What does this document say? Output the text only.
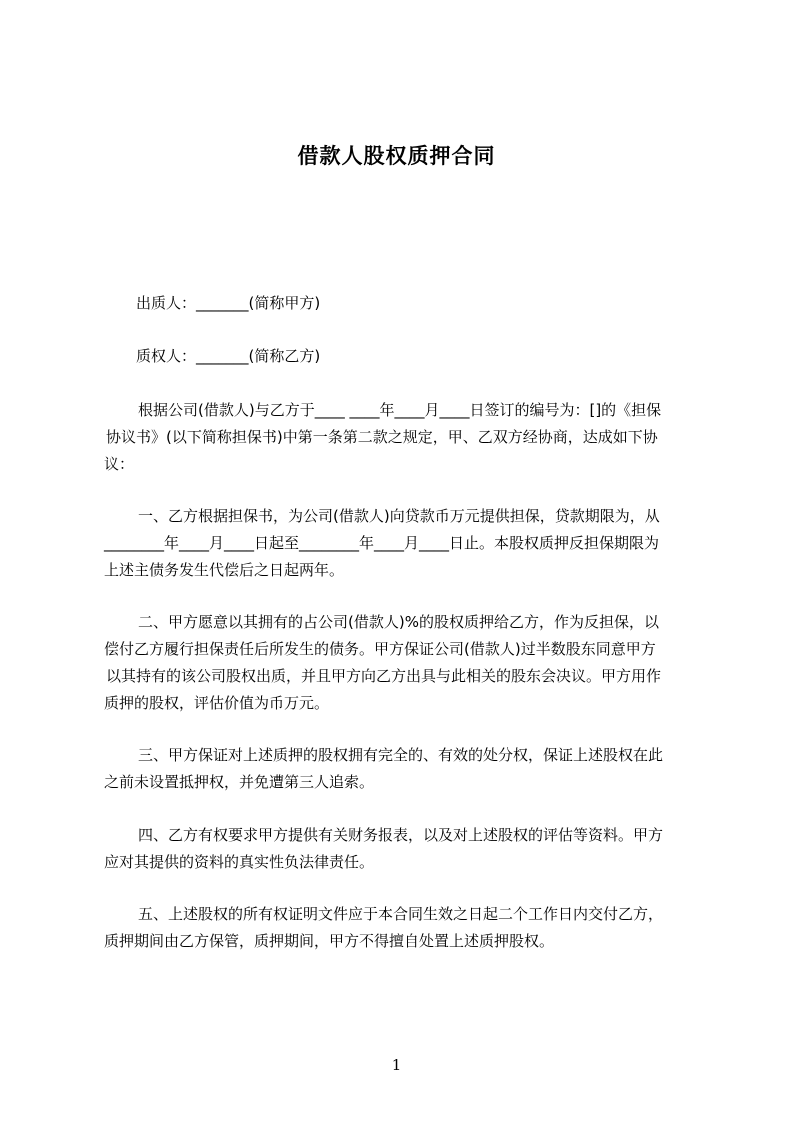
借款人股权质押合同
出质人：_______(简称甲方)
质权人：_______(简称乙方)
根据公司(借款人)与乙方于____ ____年____月____日签订的编号为：[]的《担保
协议书》(以下简称担保书)中第一条第二款之规定，甲、乙双方经协商，达成如下协
议：
一、乙方根据担保书，为公司(借款人)向贷款币万元提供担保，贷款期限为，从
________年____月____日起至________年____月____日止。本股权质押反担保期限为
上述主债务发生代偿后之日起两年。
二、甲方愿意以其拥有的占公司(借款人)%的股权质押给乙方，作为反担保，以
偿付乙方履行担保责任后所发生的债务。甲方保证公司(借款人)过半数股东同意甲方
以其持有的该公司股权出质，并且甲方向乙方出具与此相关的股东会决议。甲方用作
质押的股权，评估价值为币万元。
三、甲方保证对上述质押的股权拥有完全的、有效的处分权，保证上述股权在此
之前未设置抵押权，并免遭第三人追索。
四、乙方有权要求甲方提供有关财务报表，以及对上述股权的评估等资料。甲方
应对其提供的资料的真实性负法律责任。
五、上述股权的所有权证明文件应于本合同生效之日起二个工作日内交付乙方，
质押期间由乙方保管，质押期间，甲方不得擅自处置上述质押股权。
1
